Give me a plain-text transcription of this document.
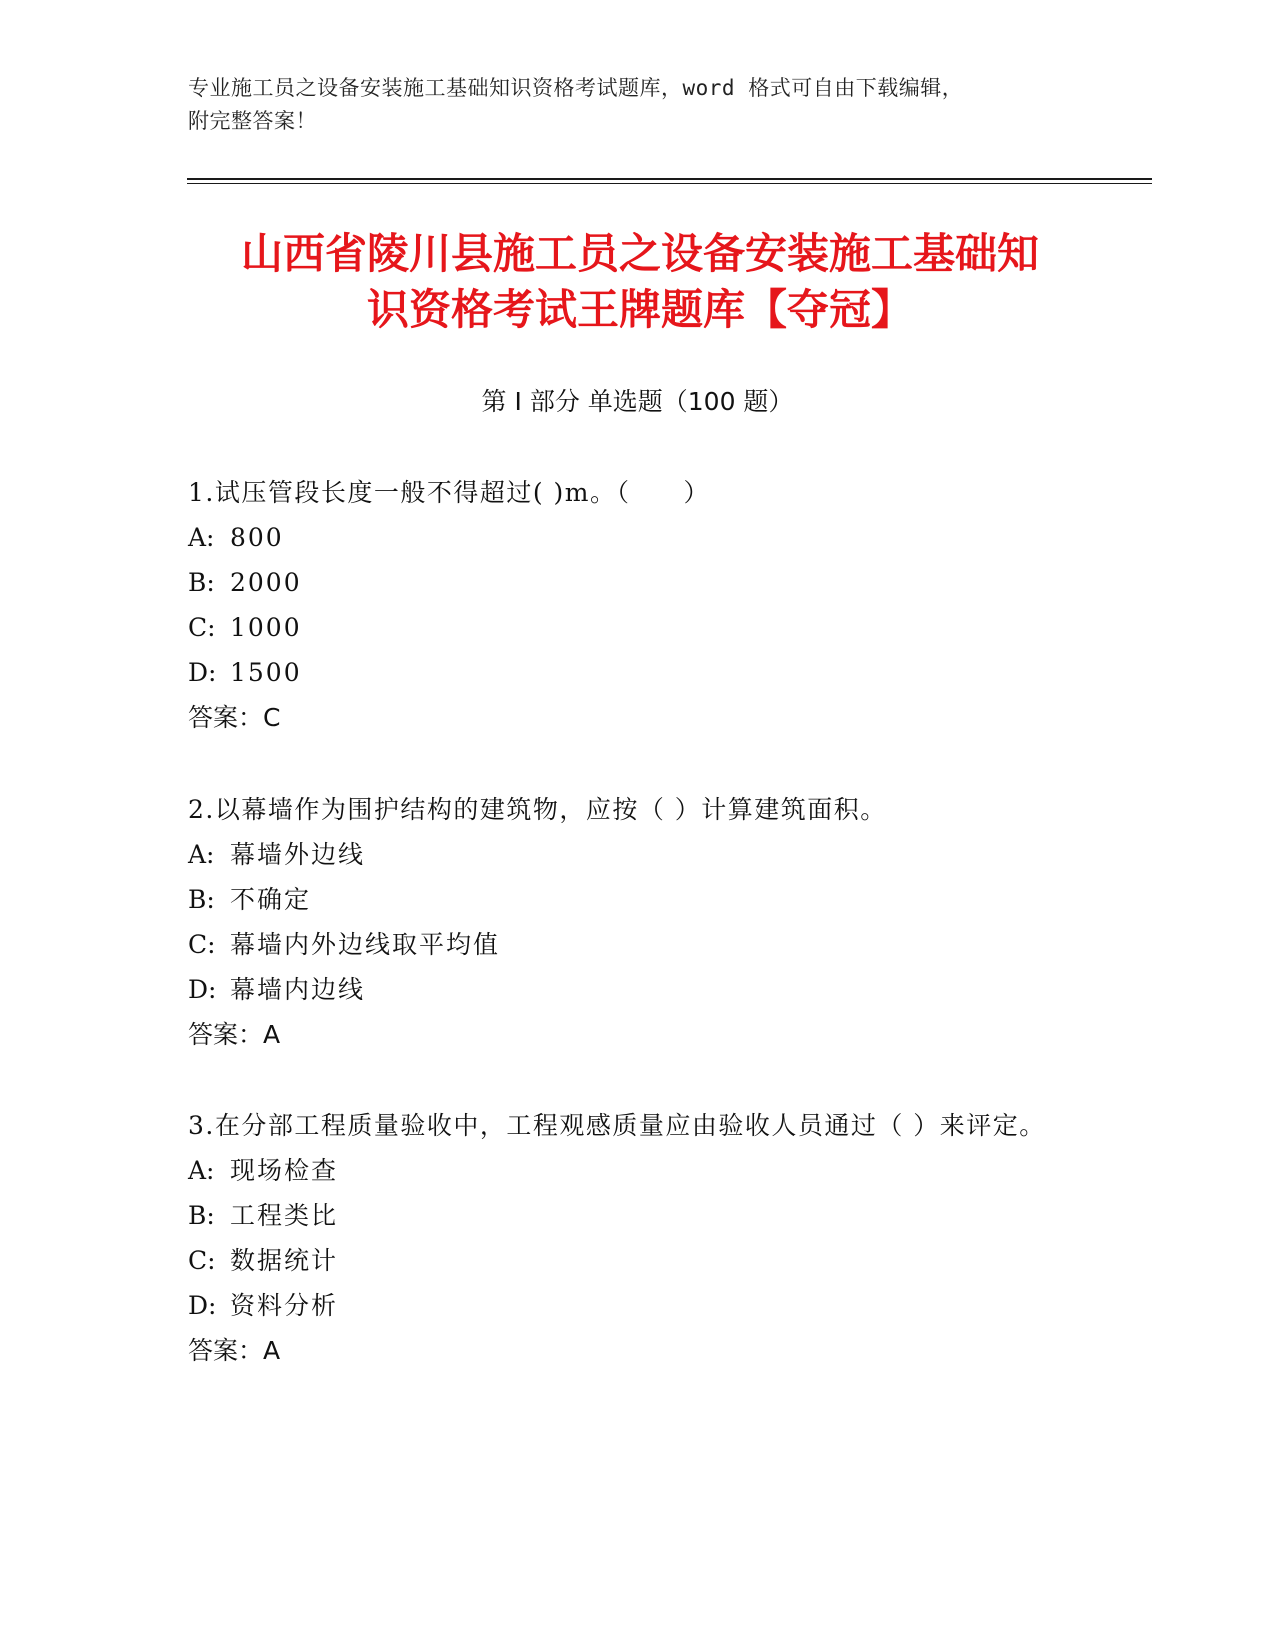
专业施工员之设备安装施工基础知识资格考试题库，word 格式可自由下载编辑，
附完整答案！
山西省陵川县施工员之设备安装施工基础知
识资格考试王牌题库【夺冠】
第 I 部分 单选题（100 题）

1.试压管段长度一般不得超过( )m。（　　）

A: 800
B: 2000
C: 1000
D: 1500

答案：C

2.以幕墙作为围护结构的建筑物，应按（ ）计算建筑面积。

A: 幕墙外边线
B: 不确定
C: 幕墙内外边线取平均值
D: 幕墙内边线

答案：A

3.在分部工程质量验收中，工程观感质量应由验收人员通过（ ）来评定。

A: 现场检查
B: 工程类比
C: 数据统计
D: 资料分析

答案：A
